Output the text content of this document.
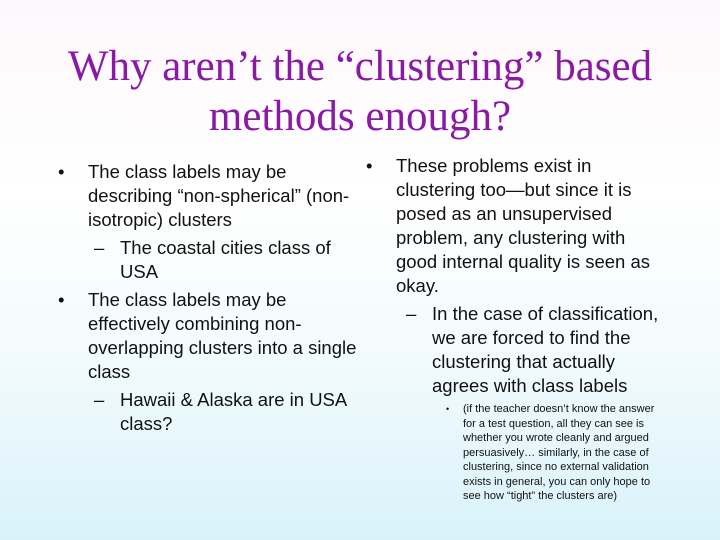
Why aren’t the “clustering” based
methods enough?
•	The class labels may be describing “non-spherical” (non-isotropic) clusters
– The coastal cities class of USA
•	The class labels may be effectively combining non-overlapping clusters into a single class
– Hawaii & Alaska are in USA class?
•	These problems exist in clustering too—but since it is posed as an unsupervised problem, any clustering with good internal quality is seen as okay.
– In the case of classification, we are forced to find the clustering that actually agrees with class labels
• (if the teacher doesn’t know the answer for a test question, all they can see is whether you wrote cleanly and argued persuasively… similarly, in the case of clustering, since no external validation exists in general, you can only hope to see how “tight” the clusters are)
